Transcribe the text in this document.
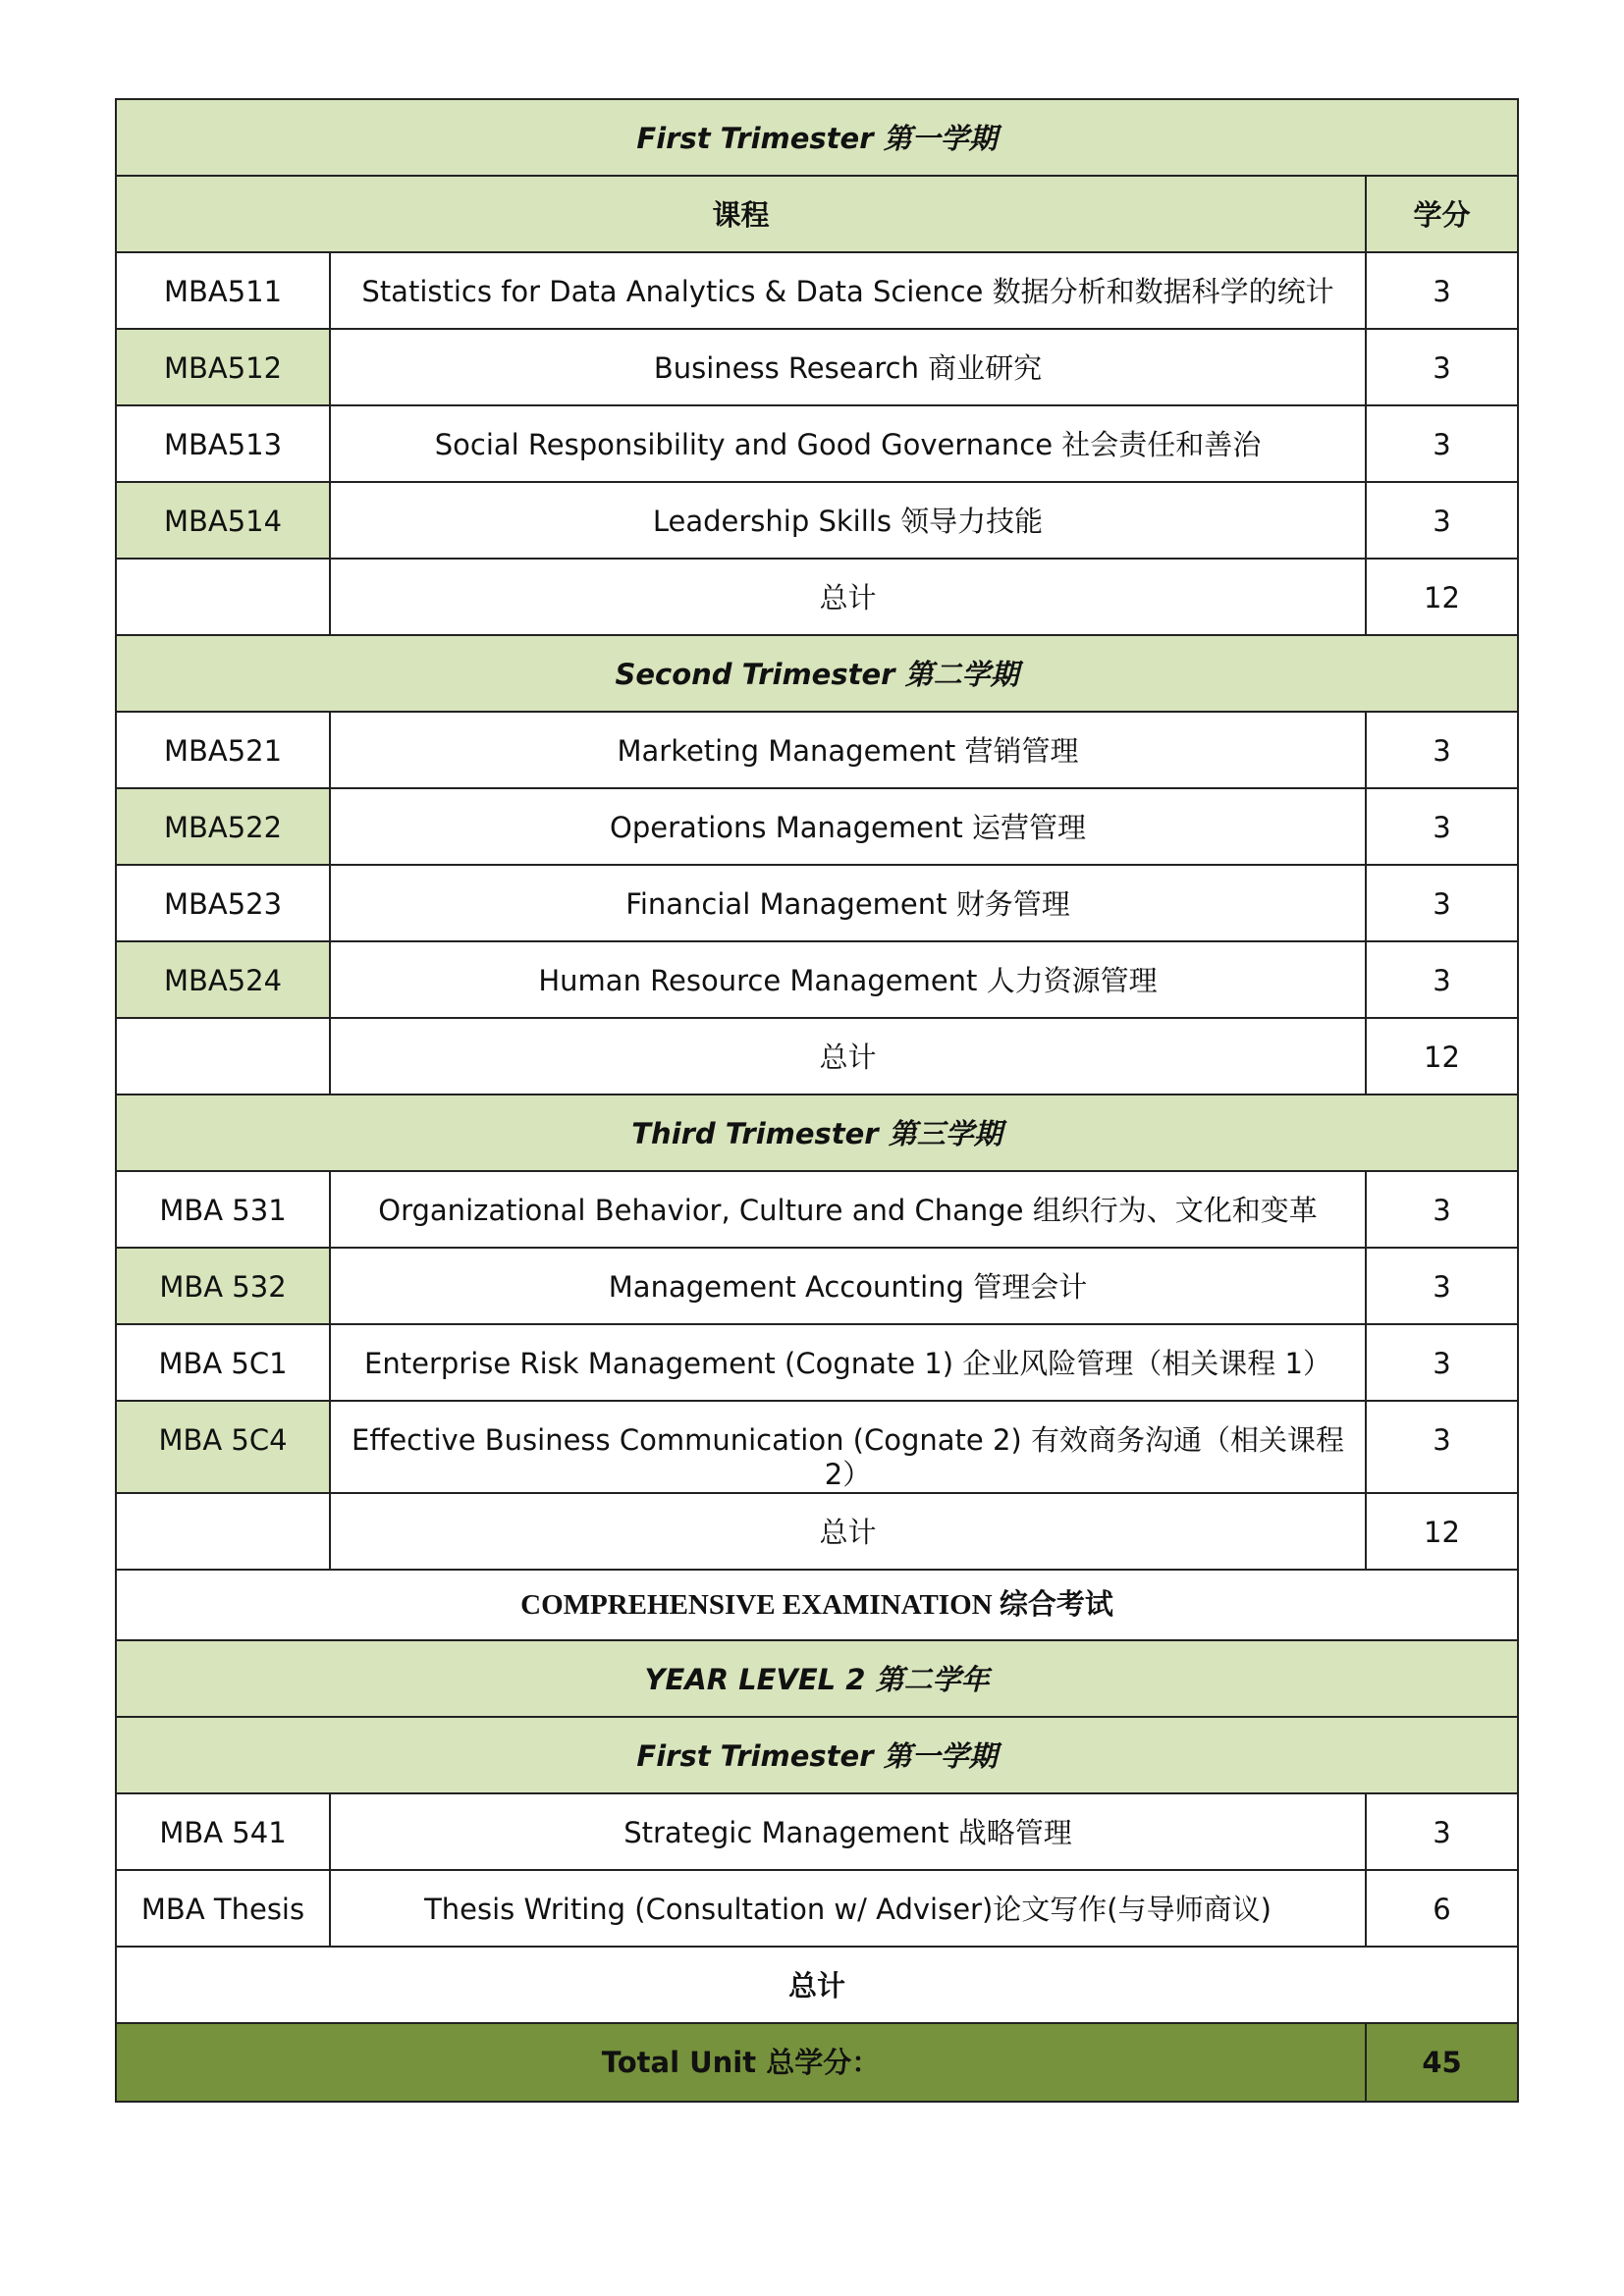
First Trimester 第一学期		
课程		学分
MBA511	Statistics for Data Analytics & Data Science 数据分析和数据科学的统计	3
MBA512	Business Research 商业研究	3
MBA513	Social Responsibility and Good Governance 社会责任和善治	3
MBA514	Leadership Skills 领导力技能	3
	总计	12
Second Trimester 第二学期		
MBA521	Marketing Management 营销管理	3
MBA522	Operations Management 运营管理	3
MBA523	Financial Management 财务管理	3
MBA524	Human Resource Management 人力资源管理	3
	总计	12
Third Trimester 第三学期		
MBA 531	Organizational Behavior, Culture and Change 组织行为、文化和变革	3
MBA 532	Management Accounting 管理会计	3
MBA 5C1	Enterprise Risk Management (Cognate 1) 企业风险管理（相关课程 1）	3
MBA 5C4	Effective Business Communication (Cognate 2) 有效商务沟通（相关课程 2）	3
	总计	12
COMPREHENSIVE EXAMINATION 综合考试		
YEAR LEVEL 2 第二学年		
First Trimester 第一学期		
MBA 541	Strategic Management 战略管理	3
MBA Thesis	Thesis Writing (Consultation w/ Adviser)论文写作(与导师商议)	6
总计		
Total Unit 总学分：		45
